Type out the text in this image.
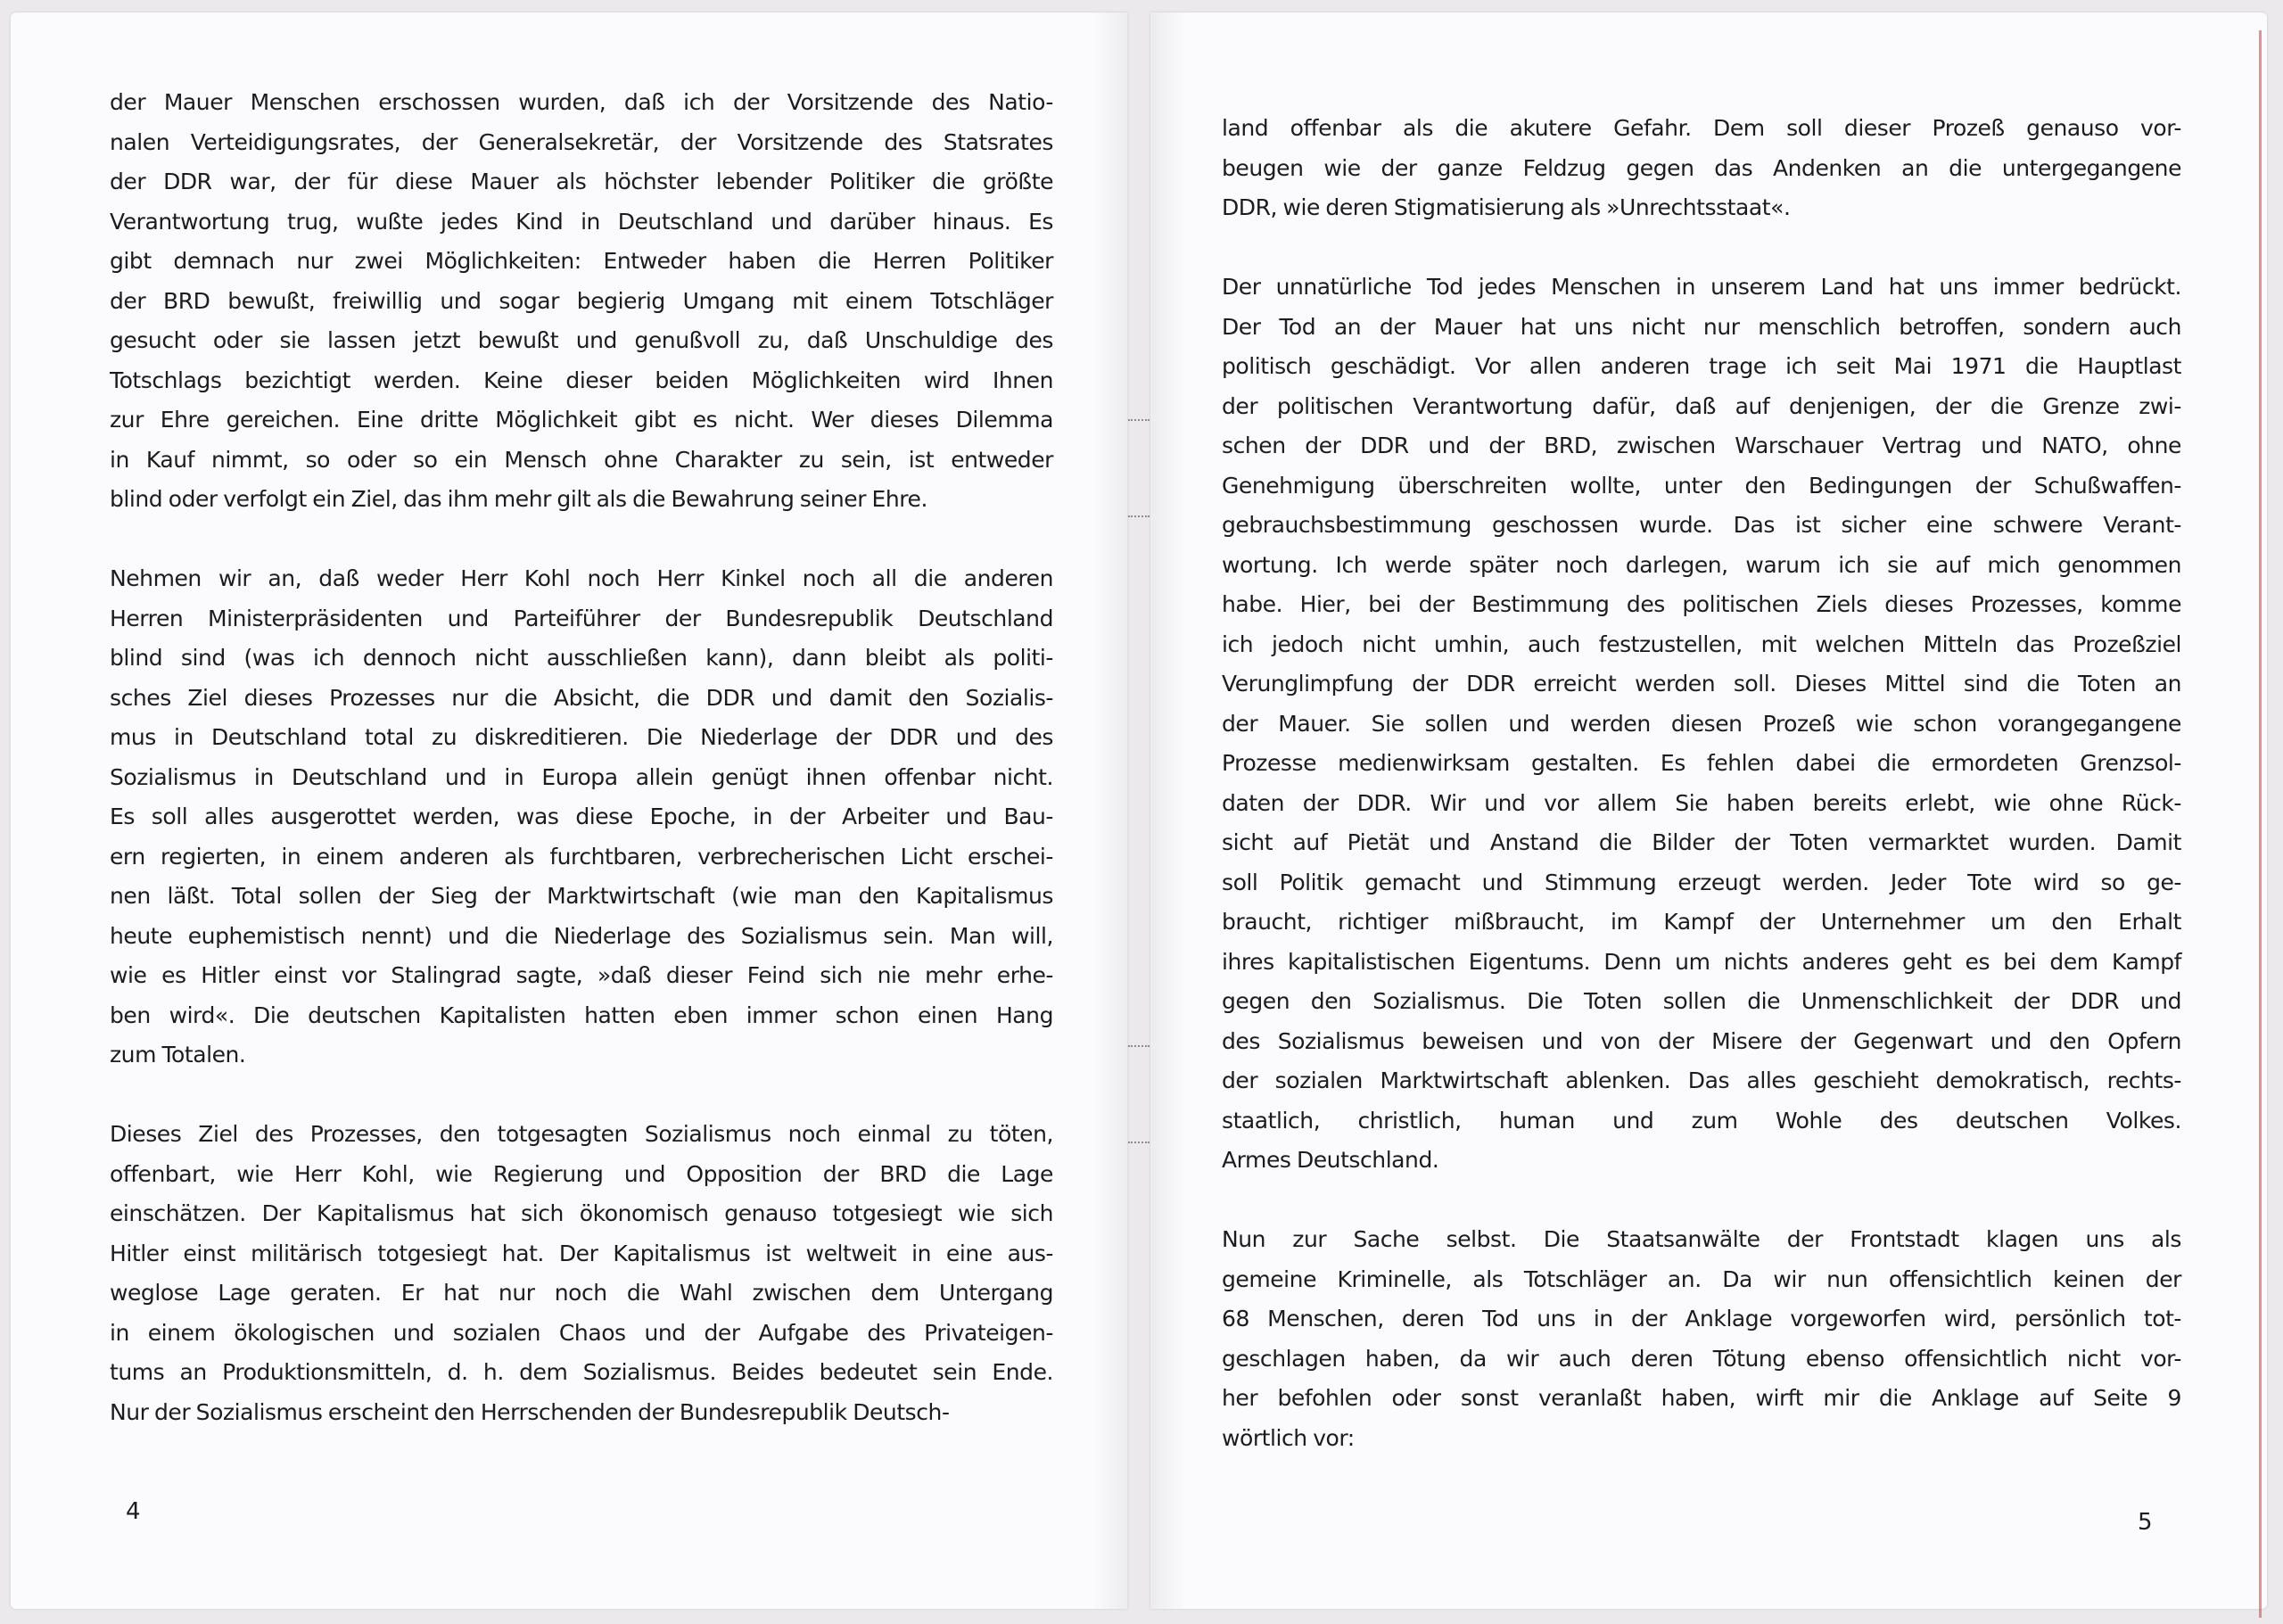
der Mauer Menschen erschossen wurden, daß ich der Vorsitzende des Natio-
nalen Verteidigungsrates, der Generalsekretär, der Vorsitzende des Statsrates
der DDR war, der für diese Mauer als höchster lebender Politiker die größte
Verantwortung trug, wußte jedes Kind in Deutschland und darüber hinaus. Es
gibt demnach nur zwei Möglichkeiten: Entweder haben die Herren Politiker
der BRD bewußt, freiwillig und sogar begierig Umgang mit einem Totschläger
gesucht oder sie lassen jetzt bewußt und genußvoll zu, daß Unschuldige des
Totschlags bezichtigt werden. Keine dieser beiden Möglichkeiten wird Ihnen
zur Ehre gereichen. Eine dritte Möglichkeit gibt es nicht. Wer dieses Dilemma
in Kauf nimmt, so oder so ein Mensch ohne Charakter zu sein, ist entweder
blind oder verfolgt ein Ziel, das ihm mehr gilt als die Bewahrung seiner Ehre.

Nehmen wir an, daß weder Herr Kohl noch Herr Kinkel noch all die anderen
Herren Ministerpräsidenten und Parteiführer der Bundesrepublik Deutschland
blind sind (was ich dennoch nicht ausschließen kann), dann bleibt als politi-
sches Ziel dieses Prozesses nur die Absicht, die DDR und damit den Sozialis-
mus in Deutschland total zu diskreditieren. Die Niederlage der DDR und des
Sozialismus in Deutschland und in Europa allein genügt ihnen offenbar nicht.
Es soll alles ausgerottet werden, was diese Epoche, in der Arbeiter und Bau-
ern regierten, in einem anderen als furchtbaren, verbrecherischen Licht erschei-
nen läßt. Total sollen der Sieg der Marktwirtschaft (wie man den Kapitalismus
heute euphemistisch nennt) und die Niederlage des Sozialismus sein. Man will,
wie es Hitler einst vor Stalingrad sagte, »daß dieser Feind sich nie mehr erhe-
ben wird«. Die deutschen Kapitalisten hatten eben immer schon einen Hang
zum Totalen.

Dieses Ziel des Prozesses, den totgesagten Sozialismus noch einmal zu töten,
offenbart, wie Herr Kohl, wie Regierung und Opposition der BRD die Lage
einschätzen. Der Kapitalismus hat sich ökonomisch genauso totgesiegt wie sich
Hitler einst militärisch totgesiegt hat. Der Kapitalismus ist weltweit in eine aus-
weglose Lage geraten. Er hat nur noch die Wahl zwischen dem Untergang
in einem ökologischen und sozialen Chaos und der Aufgabe des Privateigen-
tums an Produktionsmitteln, d. h. dem Sozialismus. Beides bedeutet sein Ende.
Nur der Sozialismus erscheint den Herrschenden der Bundesrepublik Deutsch-

4

land offenbar als die akutere Gefahr. Dem soll dieser Prozeß genauso vor-
beugen wie der ganze Feldzug gegen das Andenken an die untergegangene
DDR, wie deren Stigmatisierung als »Unrechtsstaat«.

Der unnatürliche Tod jedes Menschen in unserem Land hat uns immer bedrückt.
Der Tod an der Mauer hat uns nicht nur menschlich betroffen, sondern auch
politisch geschädigt. Vor allen anderen trage ich seit Mai 1971 die Hauptlast
der politischen Verantwortung dafür, daß auf denjenigen, der die Grenze zwi-
schen der DDR und der BRD, zwischen Warschauer Vertrag und NATO, ohne
Genehmigung überschreiten wollte, unter den Bedingungen der Schußwaffen-
gebrauchsbestimmung geschossen wurde. Das ist sicher eine schwere Verant-
wortung. Ich werde später noch darlegen, warum ich sie auf mich genommen
habe. Hier, bei der Bestimmung des politischen Ziels dieses Prozesses, komme
ich jedoch nicht umhin, auch festzustellen, mit welchen Mitteln das Prozeßziel
Verunglimpfung der DDR erreicht werden soll. Dieses Mittel sind die Toten an
der Mauer. Sie sollen und werden diesen Prozeß wie schon vorangegangene
Prozesse medienwirksam gestalten. Es fehlen dabei die ermordeten Grenzsol-
daten der DDR. Wir und vor allem Sie haben bereits erlebt, wie ohne Rück-
sicht auf Pietät und Anstand die Bilder der Toten vermarktet wurden. Damit
soll Politik gemacht und Stimmung erzeugt werden. Jeder Tote wird so ge-
braucht, richtiger mißbraucht, im Kampf der Unternehmer um den Erhalt
ihres kapitalistischen Eigentums. Denn um nichts anderes geht es bei dem Kampf
gegen den Sozialismus. Die Toten sollen die Unmenschlichkeit der DDR und
des Sozialismus beweisen und von der Misere der Gegenwart und den Opfern
der sozialen Marktwirtschaft ablenken. Das alles geschieht demokratisch, rechts-
staatlich, christlich, human und zum Wohle des deutschen Volkes.
Armes Deutschland.

Nun zur Sache selbst. Die Staatsanwälte der Frontstadt klagen uns als
gemeine Kriminelle, als Totschläger an. Da wir nun offensichtlich keinen der
68 Menschen, deren Tod uns in der Anklage vorgeworfen wird, persönlich tot-
geschlagen haben, da wir auch deren Tötung ebenso offensichtlich nicht vor-
her befohlen oder sonst veranlaßt haben, wirft mir die Anklage auf Seite 9
wörtlich vor:

5
